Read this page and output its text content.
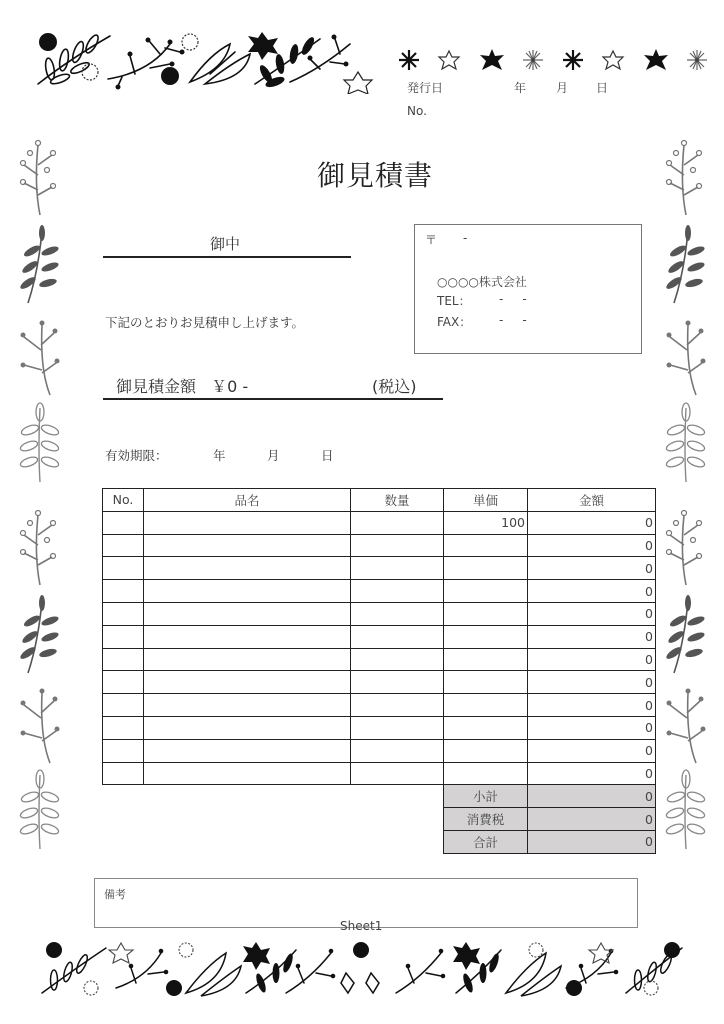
発行日	年 月 日
No.
御見積書
御中	〒 -
○○○○株式会社
TEL： -     -
FAX： -     -
下記のとおりお見積申し上げます。
御見積金額 ￥0 -	(税込)
有効期限：	年	月	日
No.	品名	数量	単価	金額
			100	0
				0
				0
				0
				0
				0
				0
				0
				0
				0
				0
				0
			小計	0
			消費税	0
			合計	0
備考
Sheet1
